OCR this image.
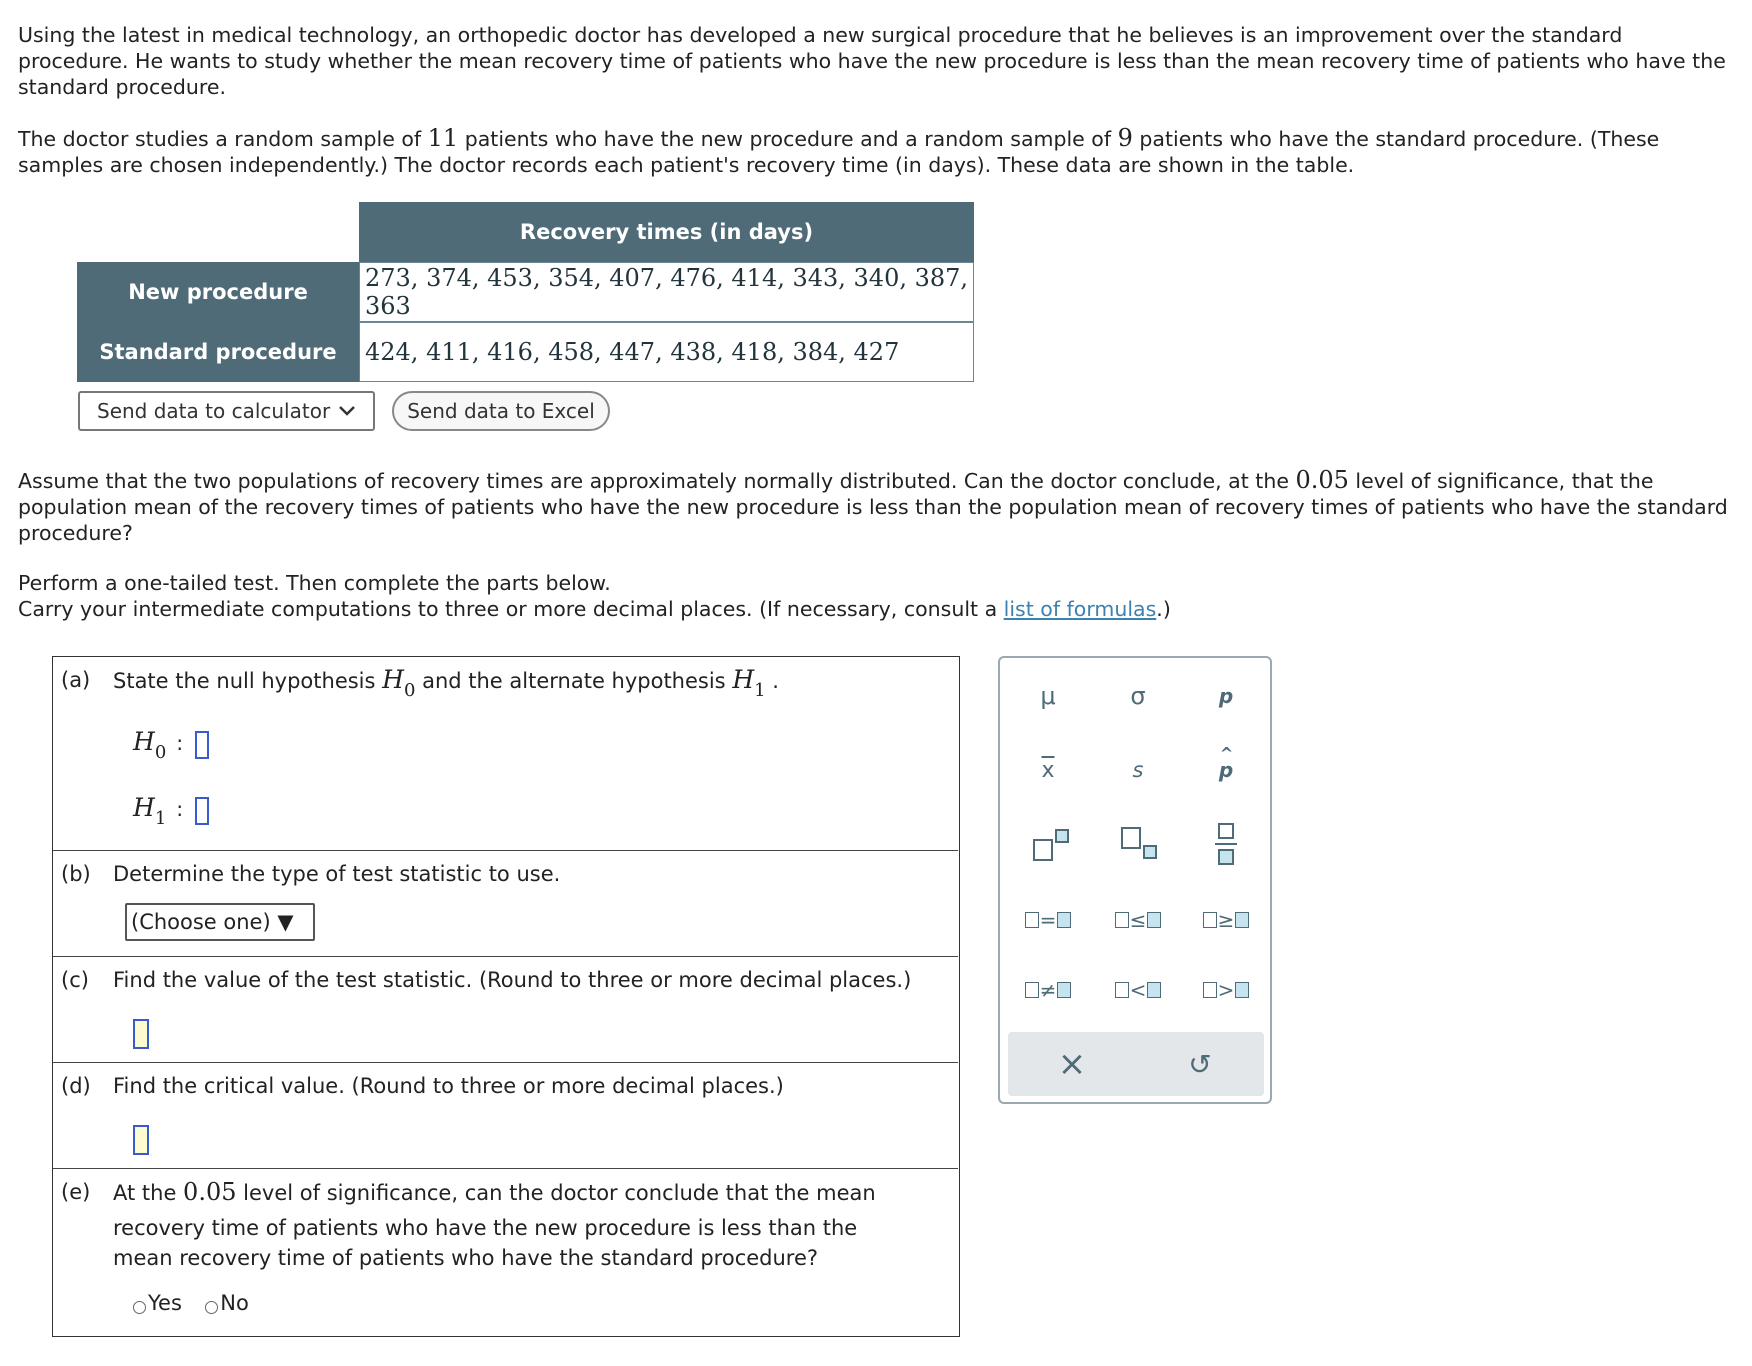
Using the latest in medical technology, an orthopedic doctor has developed a new surgical procedure that he believes is an improvement over the standard procedure. He wants to study whether the mean recovery time of patients who have the new procedure is less than the mean recovery time of patients who have the standard procedure.

The doctor studies a random sample of 11 patients who have the new procedure and a random sample of 9 patients who have the standard procedure. (These samples are chosen independently.) The doctor records each patient's recovery time (in days). These data are shown in the table.

Recovery times (in days)
New procedure	273, 374, 453, 354, 407, 476, 414, 343, 340, 387, 363
Standard procedure	424, 411, 416, 458, 447, 438, 418, 384, 427
Send data to calculator	Send data to Excel

Assume that the two populations of recovery times are approximately normally distributed. Can the doctor conclude, at the 0.05 level of significance, that the population mean of the recovery times of patients who have the new procedure is less than the population mean of recovery times of patients who have the standard procedure?

Perform a one-tailed test. Then complete the parts below.

Carry your intermediate computations to three or more decimal places. (If necessary, consult a list of formulas.)

(a) State the null hypothesis H0 and the alternate hypothesis H1 .
H0 :
H1 :
(b) Determine the type of test statistic to use.
(Choose one) ▼
(c) Find the value of the test statistic. (Round to three or more decimal places.)
(d) Find the critical value. (Round to three or more decimal places.)
(e) At the 0.05 level of significance, can the doctor conclude that the mean
recovery time of patients who have the new procedure is less than the
mean recovery time of patients who have the standard procedure?
Yes No
μ	σ	p
$\overline{x}$	s
^
p
=	≤	≥
≠	<	>
×	↺
